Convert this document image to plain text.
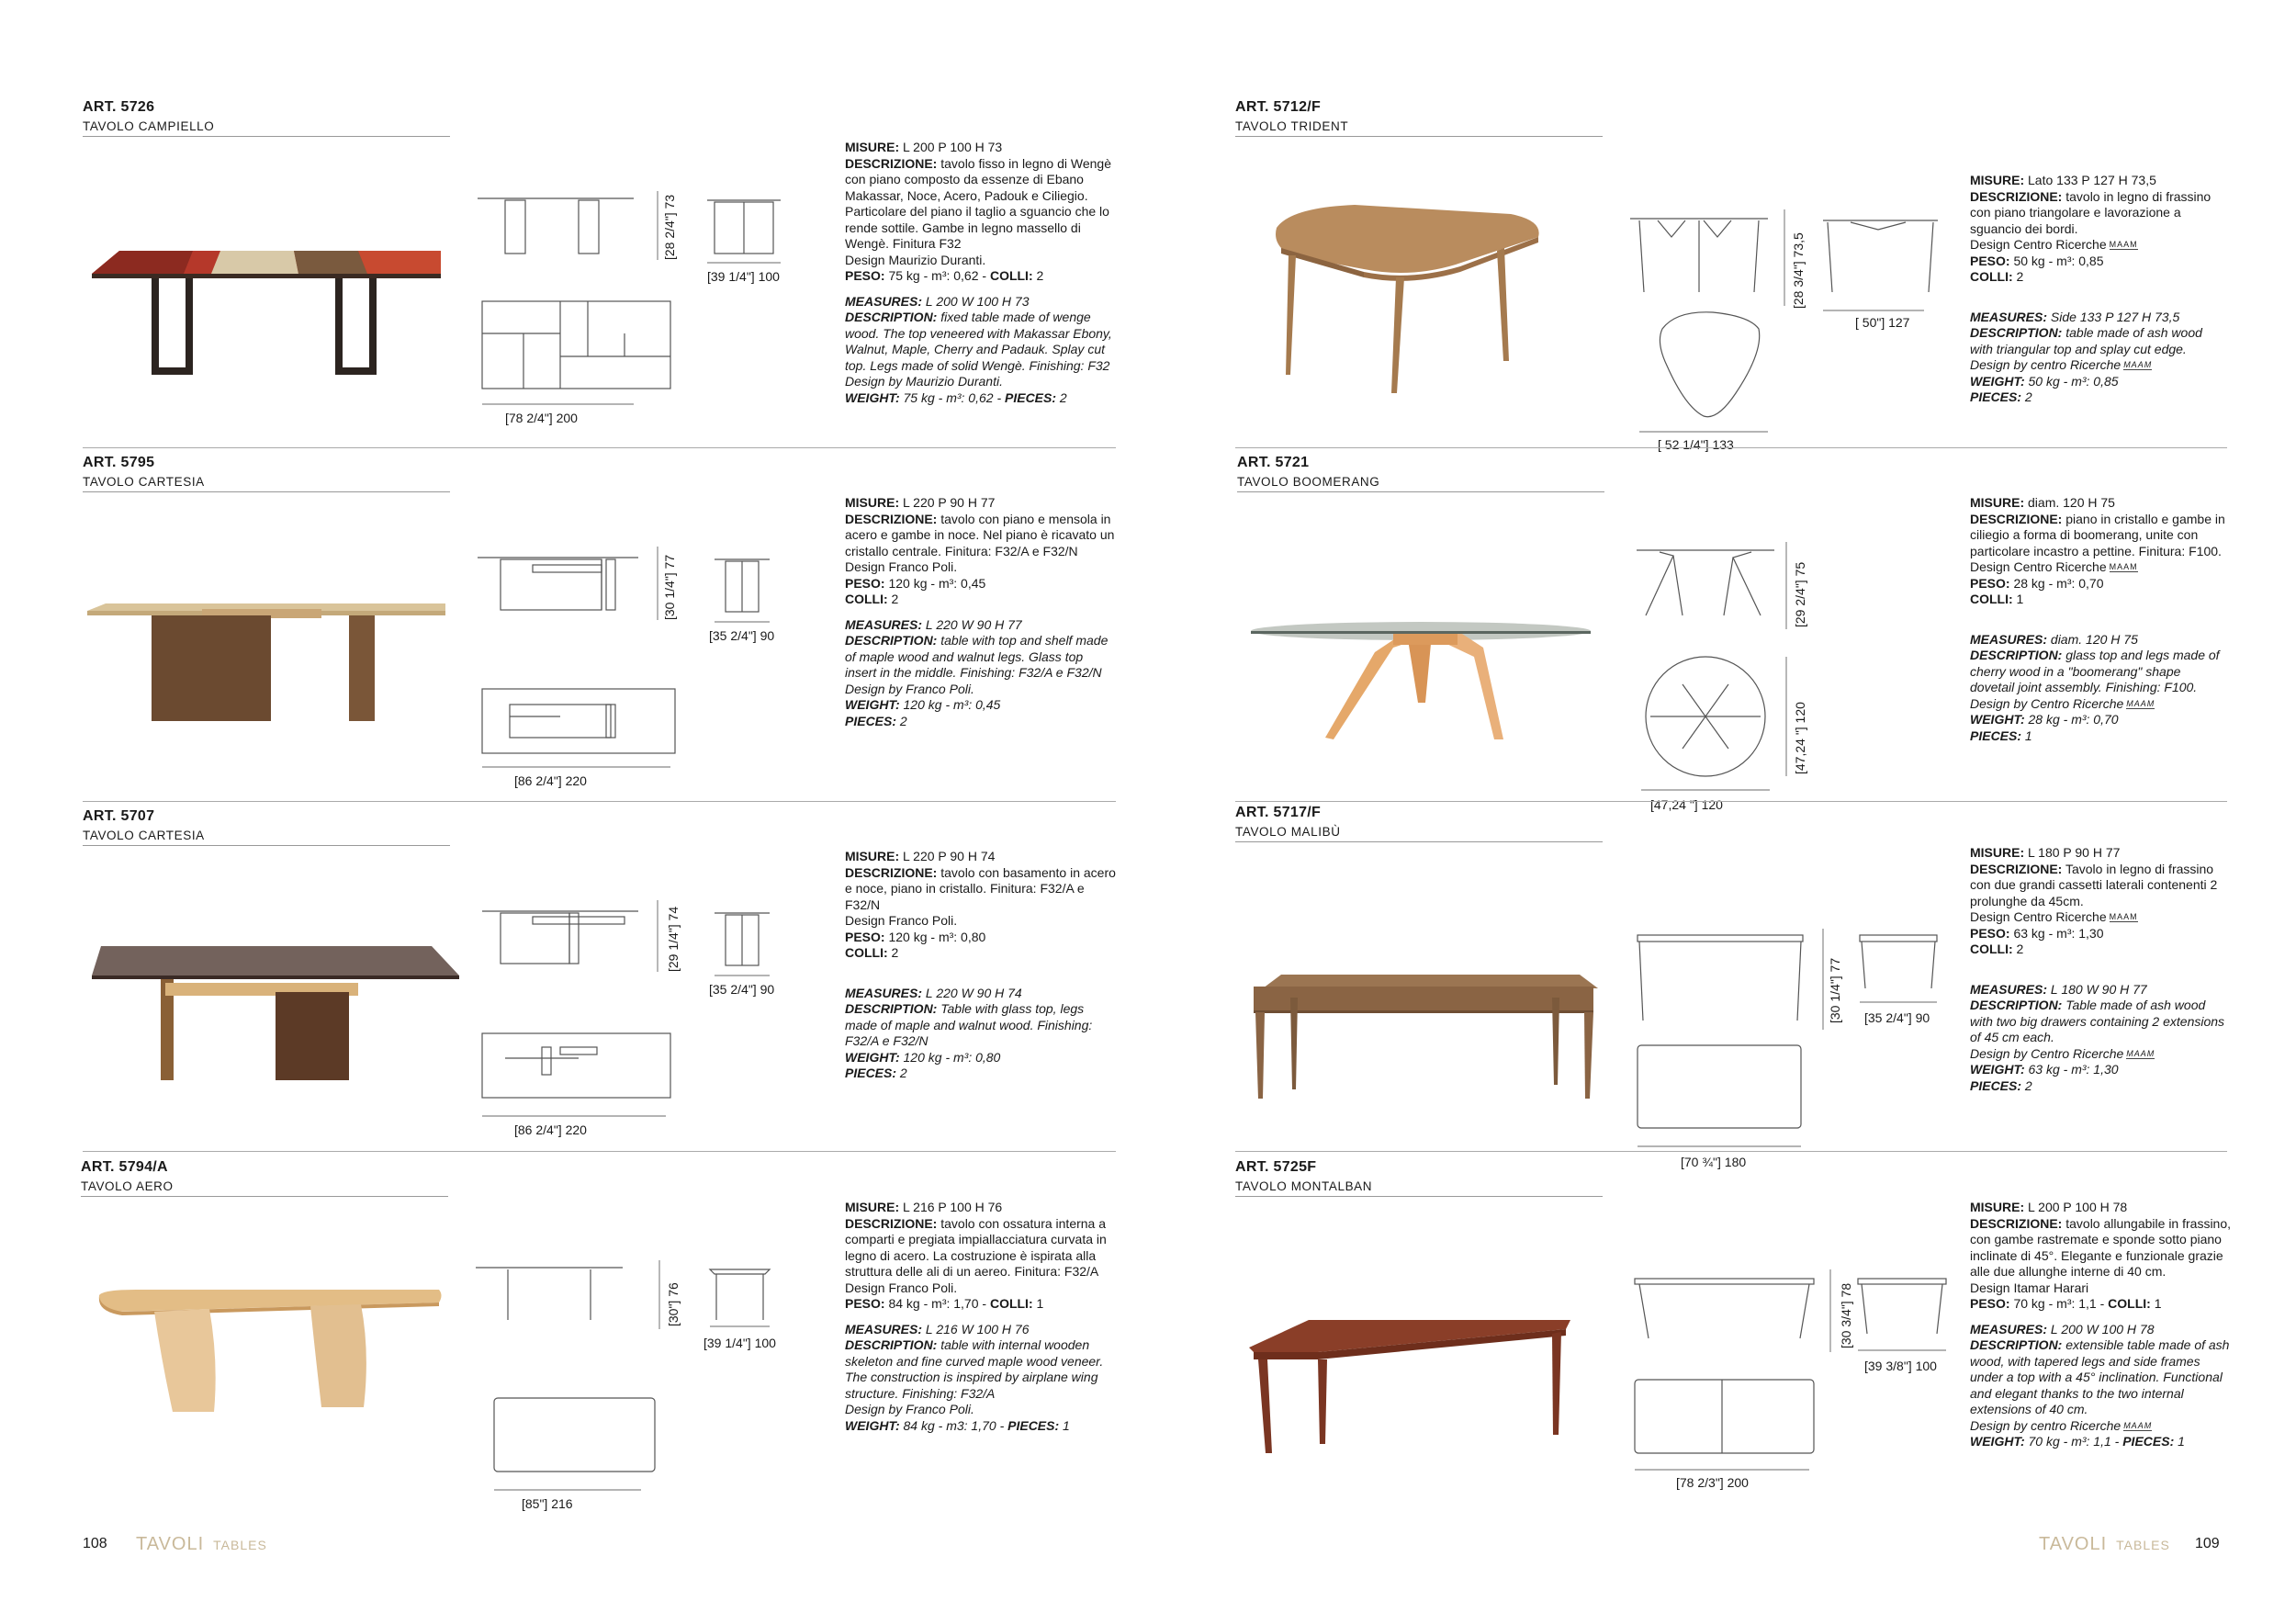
ART. 5726
TAVOLO CAMPIELLO
[28 2/4"] 73
[39 1/4"] 100
[78 2/4"] 200

MISURE: L 200 P 100 H 73
DESCRIZIONE: tavolo fisso in legno di Wengè con piano composto da essenze di Ebano Makassar, Noce, Acero, Padouk e Ciliegio. Particolare del piano il taglio a sguancio che lo rende sottile. Gambe in legno massello di Wengè. Finitura F32
Design Maurizio Duranti.
PESO: 75 kg - m³: 0,62 - COLLI: 2

MEASURES: L 200 W 100 H 73
DESCRIPTION: fixed table made of wenge wood. The top veneered with Makassar Ebony, Walnut, Maple, Cherry and Padauk. Splay cut top. Legs made of solid Wengè. Finishing: F32
Design by Maurizio Duranti.
WEIGHT: 75 kg - m³: 0,62 - PIECES: 2

ART. 5795
TAVOLO CARTESIA
[30 1/4"] 77
[35 2/4"] 90
[86 2/4"] 220

MISURE: L 220 P 90 H 77
DESCRIZIONE: tavolo con piano e mensola in acero e gambe in noce. Nel piano è ricavato un cristallo centrale. Finitura: F32/A e F32/N
Design Franco Poli.
PESO: 120 kg - m³: 0,45
COLLI: 2

MEASURES: L 220 W 90 H 77
DESCRIPTION: table with top and shelf made of maple wood and walnut legs. Glass top insert in the middle. Finishing: F32/A e F32/N
Design by Franco Poli.
WEIGHT: 120 kg - m³: 0,45
PIECES: 2

ART. 5707
TAVOLO CARTESIA
[29 1/4"] 74
[35 2/4"] 90
[86 2/4"] 220

MISURE: L 220 P 90 H 74
DESCRIZIONE: tavolo con basamento in acero e noce, piano in cristallo. Finitura: F32/A e F32/N
Design Franco Poli.
PESO: 120 kg - m³: 0,80
COLLI: 2

MEASURES: L 220 W 90 H 74
DESCRIPTION: Table with glass top, legs made of maple and walnut wood. Finishing: F32/A e F32/N
WEIGHT: 120 kg - m³: 0,80
PIECES: 2

ART. 5794/A
TAVOLO AERO
[30"] 76
[39 1/4"] 100
[85"] 216

MISURE: L 216 P 100 H 76
DESCRIZIONE: tavolo con ossatura interna a comparti e pregiata impiallacciatura curvata in legno di acero. La costruzione è ispirata alla struttura delle ali di un aereo. Finitura: F32/A
Design Franco Poli.
PESO: 84 kg - m³: 1,70 - COLLI: 1

MEASURES: L 216 W 100 H 76
DESCRIPTION: table with internal wooden skeleton and fine curved maple wood veneer. The construction is inspired by airplane wing structure. Finishing: F32/A
Design by Franco Poli.
WEIGHT: 84 kg - m3: 1,70 - PIECES: 1

108 TAVOLI TABLES
ART. 5712/F
TAVOLO TRIDENT
[28 3/4"] 73,5
[ 50"] 127
[ 52 1/4"] 133

MISURE: Lato 133 P 127 H 73,5
DESCRIZIONE: tavolo in legno di frassino con piano triangolare e lavorazione a sguancio dei bordi.
Design Centro Ricerche MAAM
PESO: 50 kg - m³: 0,85
COLLI: 2

MEASURES: Side 133 P 127 H 73,5
DESCRIPTION: table made of ash wood with triangular top and splay cut edge.
Design by centro Ricerche MAAM
WEIGHT: 50 kg - m³: 0,85
PIECES: 2

ART. 5721
TAVOLO BOOMERANG
[29 2/4"] 75
[47,24 "] 120
[47,24 "] 120

MISURE: diam. 120 H 75
DESCRIZIONE: piano in cristallo e gambe in ciliegio a forma di boomerang, unite con particolare incastro a pettine. Finitura: F100.
Design Centro Ricerche MAAM
PESO: 28 kg - m³: 0,70
COLLI: 1

MEASURES: diam. 120 H 75
DESCRIPTION: glass top and legs made of cherry wood in a "boomerang" shape dovetail joint assembly. Finishing: F100.
Design by Centro Ricerche MAAM
WEIGHT: 28 kg - m³: 0,70
PIECES: 1

ART. 5717/F
TAVOLO MALIBÙ
[30 1/4"] 77 [35 2/4"] 90
[70 ¾"] 180

MISURE: L 180 P 90 H 77
DESCRIZIONE: Tavolo in legno di frassino con due grandi cassetti laterali contenenti 2 prolunghe da 45cm.
Design Centro Ricerche MAAM
PESO: 63 kg - m³: 1,30
COLLI: 2

MEASURES: L 180 W 90 H 77
DESCRIPTION: Table made of ash wood with two big drawers containing 2 extensions of 45 cm each.
Design by Centro Ricerche MAAM
WEIGHT: 63 kg - m³: 1,30
PIECES: 2

ART. 5725F
TAVOLO MONTALBAN
[30 3/4"] 78
[39 3/8"] 100
[78 2/3"] 200

MISURE: L 200 P 100 H 78
DESCRIZIONE: tavolo allungabile in frassino, con gambe rastremate e sponde sotto piano inclinate di 45°. Elegante e funzionale grazie alle due allunghe interne di 40 cm.
Design Itamar Harari
PESO: 70 kg - m³: 1,1 - COLLI: 1

MEASURES: L 200 W 100 H 78
DESCRIPTION: extensible table made of ash wood, with tapered legs and side frames under a top with a 45° inclination. Functional and elegant thanks to the two internal extensions of 40 cm.
Design by centro Ricerche MAAM
WEIGHT: 70 kg - m³: 1,1 - PIECES: 1

TAVOLI TABLES 109
